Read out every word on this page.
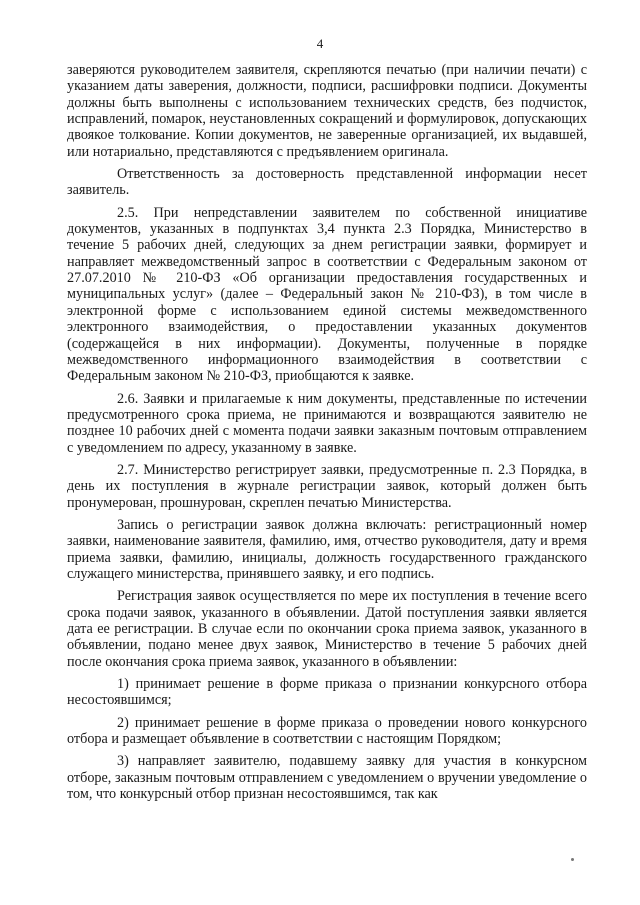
4

заверяются руководителем заявителя, скрепляются печатью (при наличии печати) с указанием даты заверения, должности, подписи, расшифровки подписи. Документы должны быть выполнены с использованием технических средств, без подчисток, исправлений, помарок, неустановленных сокращений и формулировок, допускающих двоякое толкование. Копии документов, не заверенные организацией, их выдавшей, или нотариально, представляются с предъявлением оригинала.

Ответственность за достоверность представленной информации несет заявитель.

2.5. При непредставлении заявителем по собственной инициативе документов, указанных в подпунктах 3,4 пункта 2.3 Порядка, Министерство в течение 5 рабочих дней, следующих за днем регистрации заявки, формирует и направляет межведомственный запрос в соответствии с Федеральным законом от 27.07.2010 № 210-ФЗ «Об организации предоставления государственных и муниципальных услуг» (далее – Федеральный закон № 210-ФЗ), в том числе в электронной форме с использованием единой системы межведомственного электронного взаимодействия, о предоставлении указанных документов (содержащейся в них информации). Документы, полученные в порядке межведомственного информационного взаимодействия в соответствии с Федеральным законом № 210-ФЗ, приобщаются к заявке.

2.6. Заявки и прилагаемые к ним документы, представленные по истечении предусмотренного срока приема, не принимаются и возвращаются заявителю не позднее 10 рабочих дней с момента подачи заявки заказным почтовым отправлением с уведомлением по адресу, указанному в заявке.

2.7. Министерство регистрирует заявки, предусмотренные п. 2.3 Порядка, в день их поступления в журнале регистрации заявок, который должен быть пронумерован, прошнурован, скреплен печатью Министерства.

Запись о регистрации заявок должна включать: регистрационный номер заявки, наименование заявителя, фамилию, имя, отчество руководителя, дату и время приема заявки, фамилию, инициалы, должность государственного гражданского служащего министерства, принявшего заявку, и его подпись.

Регистрация заявок осуществляется по мере их поступления в течение всего срока подачи заявок, указанного в объявлении. Датой поступления заявки является дата ее регистрации. В случае если по окончании срока приема заявок, указанного в объявлении, подано менее двух заявок, Министерство в течение 5 рабочих дней после окончания срока приема заявок, указанного в объявлении:

1) принимает решение в форме приказа о признании конкурсного отбора несостоявшимся;

2) принимает решение в форме приказа о проведении нового конкурсного отбора и размещает объявление в соответствии с настоящим Порядком;

3) направляет заявителю, подавшему заявку для участия в конкурсном отборе, заказным почтовым отправлением с уведомлением о вручении уведомление о том, что конкурсный отбор признан несостоявшимся, так как
